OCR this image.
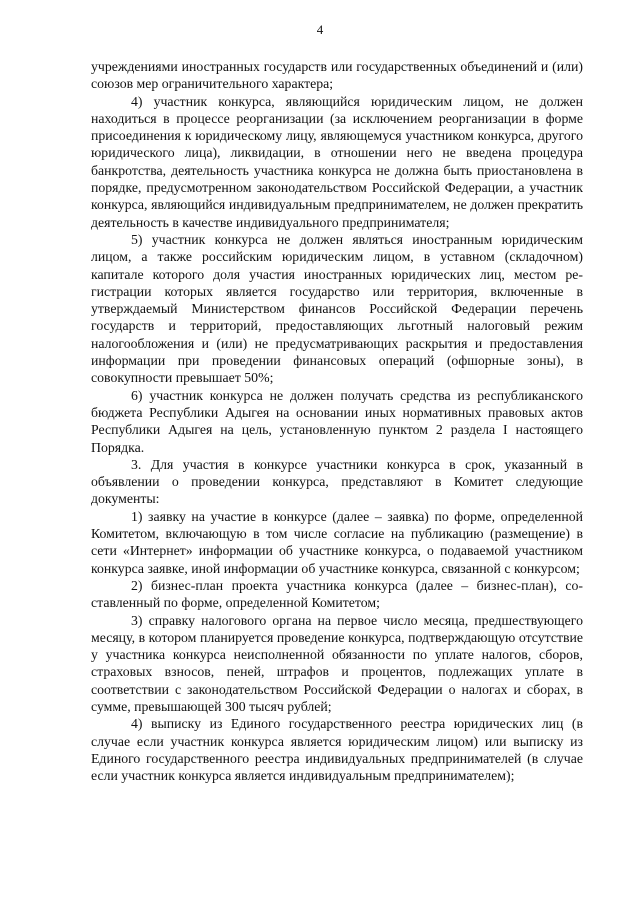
4

учреждениями иностранных государств или государственных объединений и (или) союзов мер ограничительного характера;

4) участник конкурса, являющийся юридическим лицом, не должен находиться в процессе реорганизации (за исключением реорганизации в форме присоединения к юридическому лицу, являющемуся участником конкурса, другого юридического лица), ликвидации, в отношении него не введена процедура банкротства, деятельность участника конкурса не должна быть приостановлена в порядке, предусмотренном законодательством Российской Федерации, а участник конкурса, являющийся индивидуальным предпринимателем, не должен прекратить деятельность в качестве индивидуального предпринимателя;

5) участник конкурса не должен являться иностранным юридическим лицом, а также российским юридическим лицом, в уставном (складочном) капитале которого доля участия иностранных юридических лиц, местом регистрации которых является государство или территория, включенные в утверждаемый Министерством финансов Российской Федерации перечень государств и территорий, предоставляющих льготный налоговый режим налогообложения и (или) не предусматривающих раскрытия и предоставления информации при проведении финансовых операций (офшорные зоны), в совокупности превышает 50%;

6) участник конкурса не должен получать средства из республиканского бюджета Республики Адыгея на основании иных нормативных правовых актов Республики Адыгея на цель, установленную пунктом 2 раздела I настоящего Порядка.

3. Для участия в конкурсе участники конкурса в срок, указанный в объявлении о проведении конкурса, представляют в Комитет следующие документы:

1) заявку на участие в конкурсе (далее – заявка) по форме, определенной Комитетом, включающую в том числе согласие на публикацию (размещение) в сети «Интернет» информации об участнике конкурса, о подаваемой участником конкурса заявке, иной информации об участнике конкурса, связанной с конкурсом;

2) бизнес-план проекта участника конкурса (далее – бизнес-план), составленный по форме, определенной Комитетом;

3) справку налогового органа на первое число месяца, предшествующего месяцу, в котором планируется проведение конкурса, подтверждающую отсутствие у участника конкурса неисполненной обязанности по уплате налогов, сборов, страховых взносов, пеней, штрафов и процентов, подлежащих уплате в соответствии с законодательством Российской Федерации о налогах и сборах, в сумме, превышающей 300 тысяч рублей;

4) выписку из Единого государственного реестра юридических лиц (в случае если участник конкурса является юридическим лицом) или выписку из Единого государственного реестра индивидуальных предпринимателей (в случае если участник конкурса является индивидуальным предпринимателем);
